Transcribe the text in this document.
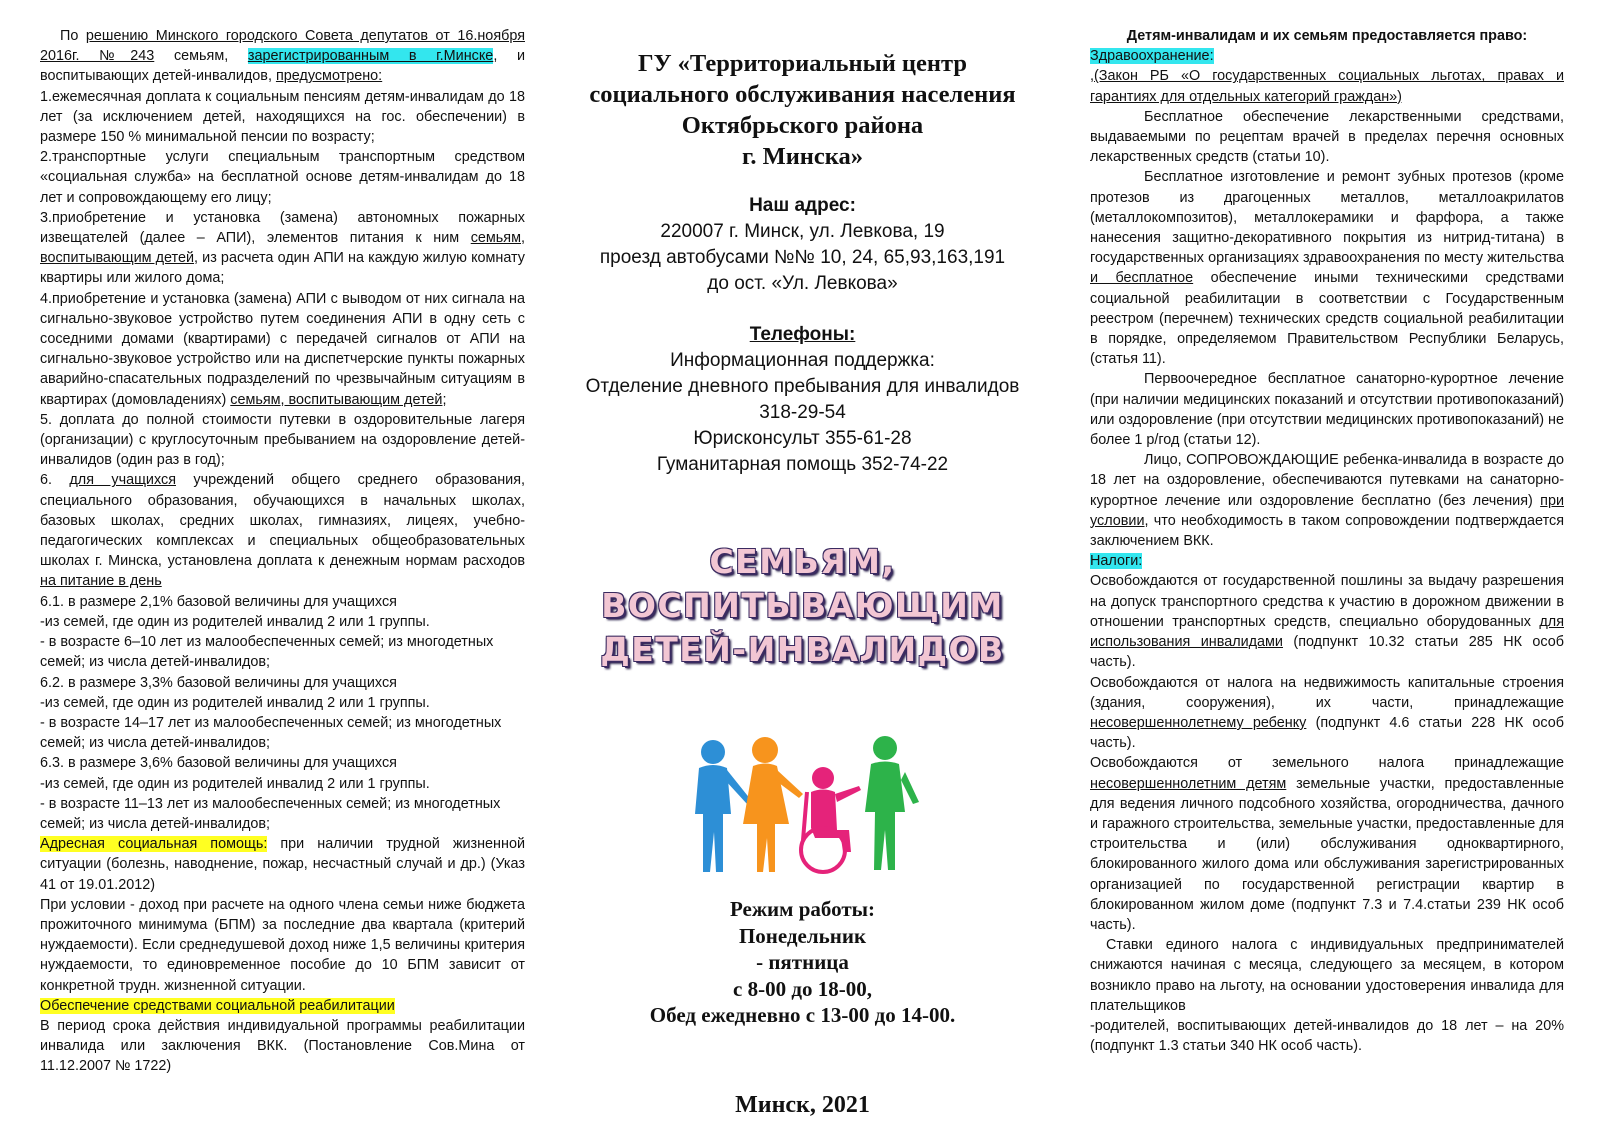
По решению Минского городского Совета депутатов от 16.ноября 2016г. №243 семьям, зарегистрированным в г.Минске, и воспитывающих детей-инвалидов, предусмотрено:

1.ежемесячная доплата к социальным пенсиям детям-инвалидам до 18 лет (за исключением детей, находящихся на гос. обеспечении) в размере 150 % минимальной пенсии по возрасту;

2.транспортные услуги специальным транспортным средством «социальная служба» на бесплатной основе детям-инвалидам до 18 лет и сопровождающему его лицу;

3.приобретение и установка (замена) автономных пожарных извещателей (далее – АПИ), элементов питания к ним семьям, воспитывающим детей, из расчета один АПИ на каждую жилую комнату квартиры или жилого дома;

4.приобретение и установка (замена) АПИ с выводом от них сигнала на сигнально-звуковое устройство путем соединения АПИ в одну сеть с соседними домами (квартирами) с передачей сигналов от АПИ на сигнально-звуковое устройство или на диспетчерские пункты пожарных аварийно-спасательных подразделений по чрезвычайным ситуациям в квартирах (домовладениях) семьям, воспитывающим детей;

5. доплата до полной стоимости путевки в оздоровительные лагеря (организации) с круглосуточным пребыванием на оздоровление детей-инвалидов (один раз в год);

6. для учащихся учреждений общего среднего образования, специального образования, обучающихся в начальных школах, базовых школах, средних школах, гимназиях, лицеях, учебно-педагогических комплексах и специальных общеобразовательных школах г. Минска, установлена доплата к денежным нормам расходов на питание в день

6.1. в размере 2,1% базовой величины для учащихся

-из семей, где один из родителей инвалид 2 или 1 группы.

- в возрасте 6–10 лет из малообеспеченных семей; из многодетных семей; из числа детей-инвалидов;

6.2. в размере 3,3% базовой величины для учащихся

-из семей, где один из родителей инвалид 2 или 1 группы.

- в возрасте 14–17 лет из малообеспеченных семей; из многодетных семей; из числа детей-инвалидов;

6.3. в размере 3,6% базовой величины для учащихся

-из семей, где один из родителей инвалид 2 или 1 группы.

- в возрасте 11–13 лет из малообеспеченных семей; из многодетных семей; из числа детей-инвалидов;

Адресная социальная помощь: при наличии трудной жизненной ситуации (болезнь, наводнение, пожар, несчастный случай и др.) (Указ 41 от 19.01.2012)

При условии - доход при расчете на одного члена семьи ниже бюджета прожиточного минимума (БПМ) за последние два квартала (критерий нуждаемости). Если среднедушевой доход ниже 1,5 величины критерия нуждаемости, то единовременное пособие до 10 БПМ зависит от конкретной трудн. жизненной ситуации.

Обеспечение средствами социальной реабилитации

В период срока действия индивидуальной программы реабилитации инвалида или заключения ВКК. (Постановление Сов.Мина от 11.12.2007 № 1722)

ГУ «Территориальный центр

социального обслуживания населения

Октябрьского района

г. Минска»

Наш адрес:
220007 г. Минск, ул. Левкова, 19
проезд автобусами №№ 10, 24, 65,93,163,191
до ост. «Ул. Левкова»
Телефоны:
Информационная поддержка:
Отделение дневного пребывания для инвалидов
318-29-54
Юрисконсульт 355-61-28
Гуманитарная помощь 352-74-22

СЕМЬЯМ,

ВОСПИТЫВАЮЩИМ

ДЕТЕЙ-ИНВАЛИДОВ

Режим работы:
Понедельник
- пятница
с 8-00 до 18-00,
Обед ежедневно с 13-00 до 14-00.
Минск, 2021

Детям-инвалидам и их семьям предоставляется право:

Здравоохранение:

,(Закон РБ «О государственных социальных льготах, правах и гарантиях для отдельных категорий граждан»)

Бесплатное обеспечение лекарственными средствами, выдаваемыми по рецептам врачей в пределах перечня основных лекарственных средств (статьи 10).

Бесплатное изготовление и ремонт зубных протезов (кроме протезов из драгоценных металлов, металлоакрилатов (металлокомпозитов), металлокерамики и фарфора, а также нанесения защитно-декоративного покрытия из нитрид-титана) в государственных организациях здравоохранения по месту жительства и бесплатное обеспечение иными техническими средствами социальной реабилитации в соответствии с Государственным реестром (перечнем) технических средств социальной реабилитации в порядке, определяемом Правительством Республики Беларусь, (статья 11).

Первоочередное бесплатное санаторно-курортное лечение (при наличии медицинских показаний и отсутствии противопоказаний) или оздоровление (при отсутствии медицинских противопоказаний) не более 1 р/год (статьи 12).

Лицо, СОПРОВОЖДАЮЩИЕ ребенка-инвалида в возрасте до 18 лет на оздоровление, обеспечиваются путевками на санаторно-курортное лечение или оздоровление бесплатно (без лечения) при условии, что необходимость в таком сопровождении подтверждается заключением ВКК.

Налоги:

Освобождаются от государственной пошлины за выдачу разрешения на допуск транспортного средства к участию в дорожном движении в отношении транспортных средств, специально оборудованных для использования инвалидами (подпункт 10.32 статьи 285 НК особ часть).

Освобождаются от налога на недвижимость капитальные строения (здания, сооружения), их части, принадлежащие несовершеннолетнему ребенку (подпункт 4.6 статьи 228 НК особ часть).

Освобождаются от земельного налога принадлежащие несовершеннолетним детям земельные участки, предоставленные для ведения личного подсобного хозяйства, огородничества, дачного и гаражного строительства, земельные участки, предоставленные для строительства и (или) обслуживания одноквартирного, блокированного жилого дома или обслуживания зарегистрированных организацией по государственной регистрации квартир в блокированном жилом доме (подпункт 7.3 и 7.4.статьи 239 НК особ часть).

Ставки единого налога с индивидуальных предпринимателей снижаются начиная с месяца, следующего за месяцем, в котором возникло право на льготу, на основании удостоверения инвалида для плательщиков

-родителей, воспитывающих детей-инвалидов до 18 лет – на 20% (подпункт 1.3 статьи 340 НК особ часть).
